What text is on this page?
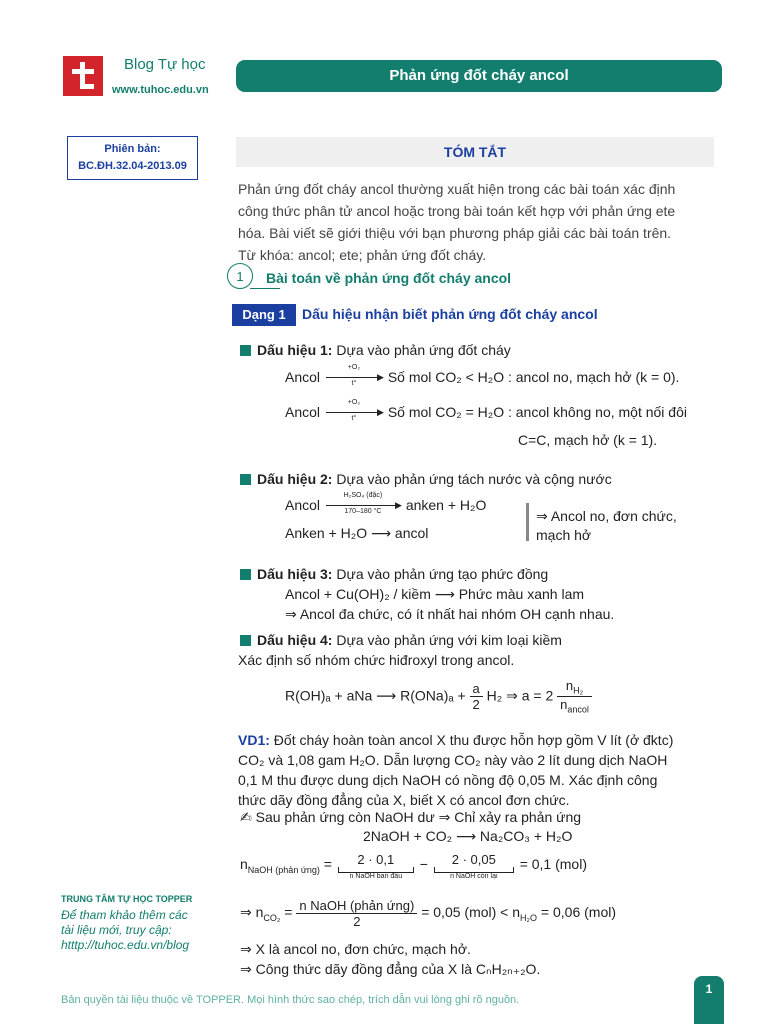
Blog Tự học
www.tuhoc.edu.vn
Phản ứng đốt cháy ancol
Phiên bản:
BC.ĐH.32.04-2013.09
TÓM TẮT
Phản ứng đốt cháy ancol thường xuất hiện trong các bài toán xác định
công thức phân tử ancol hoặc trong bài toán kết hợp với phản ứng ete
hóa. Bài viết sẽ giới thiệu với bạn phương pháp giải các bài toán trên.
Từ khóa: ancol; ete; phản ứng đốt cháy.
1	Bài toán về phản ứng đốt cháy ancol
Dạng 1	Dấu hiệu nhận biết phản ứng đốt cháy ancol
Dấu hiệu 1: Dựa vào phản ứng đốt cháy
Ancol
+O₂
▶
t°	Số mol CO₂ < H₂O : ancol no, mạch hở (k = 0).
Ancol
+O₂
▶
t°	Số mol CO₂ = H₂O : ancol không no, một nối đôi
C=C, mạch hở (k = 1).
Dấu hiệu 2: Dựa vào phản ứng tách nước và cộng nước
Ancol
H₂SO₄ (đặc)
▶
170–180 °C	anken + H₂O
Anken + H₂O ⟶ ancol
⇒ Ancol no, đơn chức,
mạch hở
Dấu hiệu 3: Dựa vào phản ứng tạo phức đồng
Ancol + Cu(OH)₂ / kiềm ⟶ Phức màu xanh lam
⇒ Ancol đa chức, có ít nhất hai nhóm OH cạnh nhau.
Dấu hiệu 4: Dựa vào phản ứng với kim loại kiềm
Xác định số nhóm chức hiđroxyl trong ancol.
R(OH)ₐ + aNa ⟶ $R(ONa)_a + \frac{a}{2} H_2$ ⇒ $a = 2 \frac{n_{H_2}}{n_{ancol}}$
VD1: Đốt cháy hoàn toàn ancol X thu được hỗn hợp gồm V lít (ở đktc)
CO₂ và 1,08 gam H₂O. Dẫn lượng CO₂ này vào 2 lít dung dịch NaOH
0,1 M thu được dung dịch NaOH có nồng độ 0,05 M. Xác định công
thức dãy đồng đẳng của X, biết X có ancol đơn chức.
✍ Sau phản ứng còn NaOH dư ⇒ Chỉ xảy ra phản ứng
2NaOH + CO₂ ⟶ Na₂CO₃ + H₂O
$n_{NaOH (phản ứng)}$ =	2 · 0,1
n NaOH ban đầu
−	2 · 0,05
n NaOH còn lại
= 0,1 (mol)
⇒ $n_{CO_2} = \frac{\text{n NaOH (phản ứng)}}{2} = 0,05$ $(mol) < n_{H_2O} = 0,06$ (mol)
⇒ X là ancol no, đơn chức, mạch hở.
⇒ Công thức dãy đồng đẳng của X là CₙH₂ₙ₊₂O.
TRUNG TÂM TỰ HỌC TOPPER
Để tham khảo thêm các
tài liệu mới, truy cập:
htttp://tuhoc.edu.vn/blog
Bản quyền tài liệu thuộc về TOPPER. Mọi hình thức sao chép, trích dẫn vui lòng ghi rõ nguồn.
1
